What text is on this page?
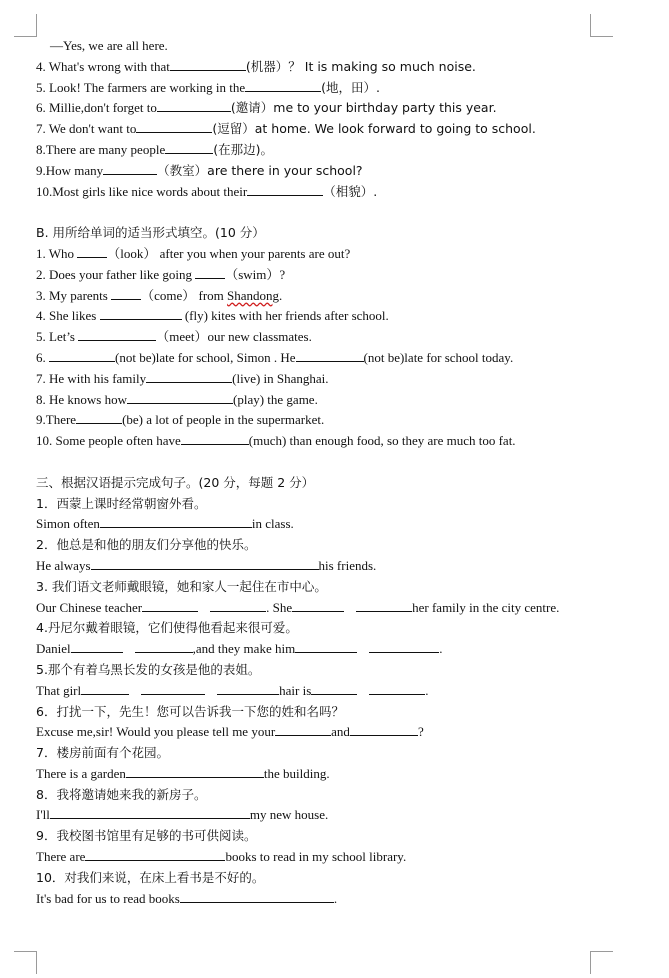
—Yes, we are all here.
4. What's wrong with that	(机器）？ It is making so much noise.
5. Look! The farmers are working in the	(地，田）.
6. Millie,don't forget to	(邀请）me to your birthday party this year.
7. We don't want to	(逗留）at home. We look forward to going to school.
8.There are many people	(在那边)。
9.How many	（教室）are there in your school?
10.Most girls like nice words about their	（相貌）.
B. 用所给单词的适当形式填空。(10 分）
1. Who	（look） after you when your parents are out?
2. Does your father like going	（swim）?
3. My parents	（come） from Shandong.
4. She likes	(fly) kites with her friends after school.
5. Let’s	（meet）our new classmates.
6.	(not be)late for school, Simon . He	(not be)late for school today.
7. He with his family	(live) in Shanghai.
8. He knows how	(play) the game.
9.There	(be) a lot of people in the supermarket.
10. Some people often have	(much) than enough food, so they are much too fat.
三、根据汉语提示完成句子。(20 分，每题 2 分）
1．西蒙上课时经常朝窗外看。
Simon often	in class.
2．他总是和他的朋友们分享他的快乐。
He always	his friends.
3. 我们语文老师戴眼镜，她和家人一起住在市中心。
Our Chinese teacher	. She	her family in the city centre.
4.丹尼尔戴着眼镜，它们使得他看起来很可爱。
Daniel	,and they make him	.
5.那个有着乌黑长发的女孩是他的表姐。
That girl	hair is	.
6．打扰一下，先生！您可以告诉我一下您的姓和名吗？
Excuse me,sir! Would you please tell me your	and	?
7．楼房前面有个花园。
There is a garden	the building.
8．我将邀请她来我的新房子。
I'll	my new house.
9．我校图书馆里有足够的书可供阅读。
There are	books to read in my school library.
10．对我们来说，在床上看书是不好的。
It's bad for us to read books	.
